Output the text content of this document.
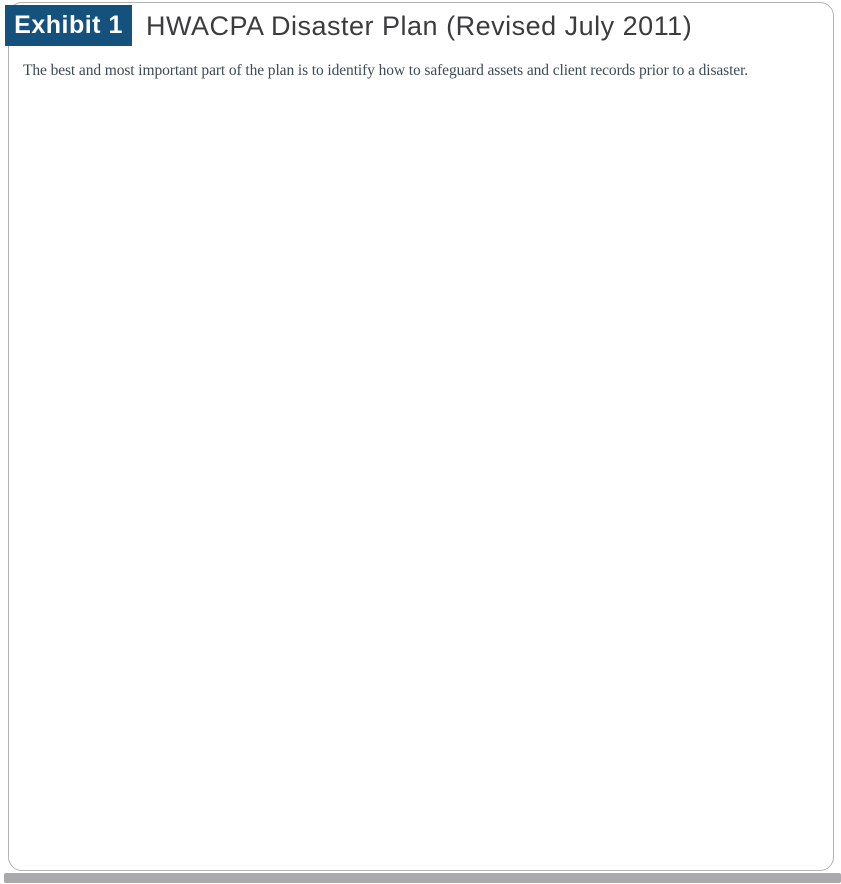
Exhibit 1 HWACPA Disaster Plan (Revised July 2011)
The best and most important part of the plan is to identify how to safeguard assets and client records prior to a disaster.
